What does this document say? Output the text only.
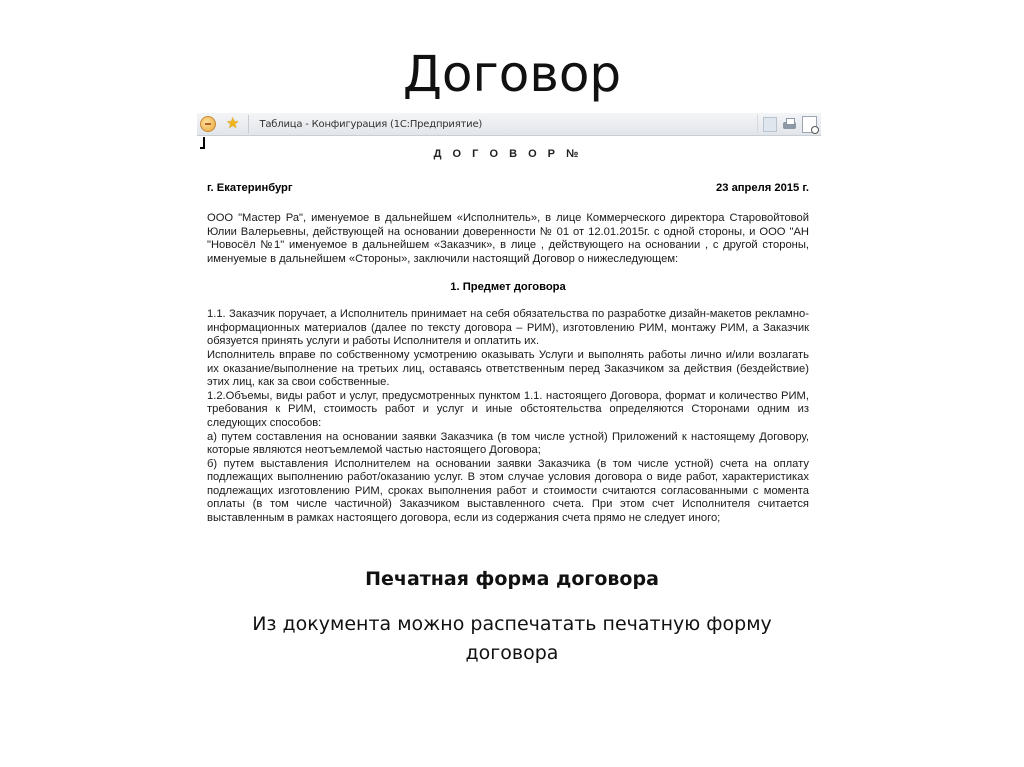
Договор
★ Таблица - Конфигурация (1С:Предприятие)
Д О Г О В О Р №
г. Екатеринбург	23 апреля 2015 г.

ООО "Мастер Ра", именуемое в дальнейшем «Исполнитель», в лице Коммерческого директора Старовойтовой Юлии Валерьевны, действующей на основании доверенности № 01 от 12.01.2015г. с одной стороны, и ООО "АН "Новосёл №1" именуемое в дальнейшем «Заказчик», в лице , действующего на основании , с другой стороны, именуемые в дальнейшем «Стороны», заключили настоящий Договор о нижеследующем:

1. Предмет договора

1.1. Заказчик поручает, а Исполнитель принимает на себя обязательства по разработке дизайн-макетов рекламно-информационных материалов (далее по тексту договора – РИМ), изготовлению РИМ, монтажу РИМ, а Заказчик обязуется принять услуги и работы Исполнителя и оплатить их.

Исполнитель вправе по собственному усмотрению оказывать Услуги и выполнять работы лично и/или возлагать их оказание/выполнение на третьих лиц, оставаясь ответственным перед Заказчиком за действия (бездействие) этих лиц, как за свои собственные.

1.2.Объемы, виды работ и услуг, предусмотренных пунктом 1.1. настоящего Договора, формат и количество РИМ, требования к РИМ, стоимость работ и услуг и иные обстоятельства определяются Сторонами одним из следующих способов:

а) путем составления на основании заявки Заказчика (в том числе устной) Приложений к настоящему Договору, которые являются неотъемлемой частью настоящего Договора;

б) путем выставления Исполнителем на основании заявки Заказчика (в том числе устной) счета на оплату подлежащих выполнению работ/оказанию услуг. В этом случае условия договора о виде работ, характеристиках подлежащих изготовлению РИМ, сроках выполнения работ и стоимости считаются согласованными с момента оплаты (в том числе частичной) Заказчиком выставленного счета. При этом счет Исполнителя считается выставленным в рамках настоящего договора, если из содержания счета прямо не следует иного;

Печатная форма договора
Из документа можно распечатать печатную форму договора
